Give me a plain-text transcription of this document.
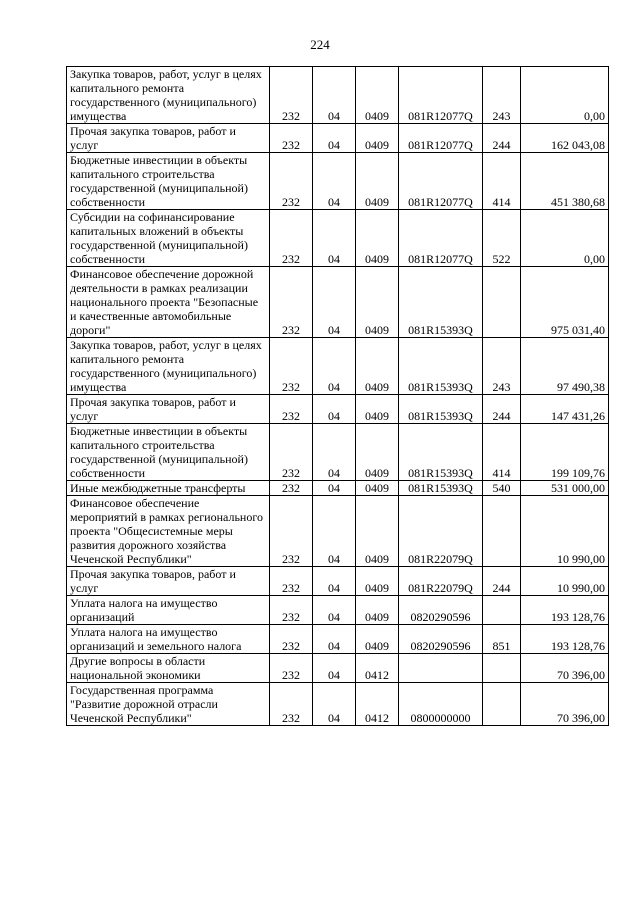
224
Закупка товаров, работ, услуг в целях капитального ремонта государственного (муниципального) имущества	232	04	0409	081R12077Q	243	0,00
Прочая закупка товаров, работ и услуг	232	04	0409	081R12077Q	244	162 043,08
Бюджетные инвестиции в объекты капитального строительства государственной (муниципальной) собственности	232	04	0409	081R12077Q	414	451 380,68
Субсидии на софинансирование капитальных вложений в объекты государственной (муниципальной) собственности	232	04	0409	081R12077Q	522	0,00
Финансовое обеспечение дорожной деятельности в рамках реализации национального проекта "Безопасные и качественные автомобильные дороги"	232	04	0409	081R15393Q		975 031,40
Закупка товаров, работ, услуг в целях капитального ремонта государственного (муниципального) имущества	232	04	0409	081R15393Q	243	97 490,38
Прочая закупка товаров, работ и услуг	232	04	0409	081R15393Q	244	147 431,26
Бюджетные инвестиции в объекты капитального строительства государственной (муниципальной) собственности	232	04	0409	081R15393Q	414	199 109,76
Иные межбюджетные трансферты	232	04	0409	081R15393Q	540	531 000,00
Финансовое обеспечение мероприятий в рамках регионального проекта "Общесистемные меры развития дорожного хозяйства Чеченской Республики"	232	04	0409	081R22079Q		10 990,00
Прочая закупка товаров, работ и услуг	232	04	0409	081R22079Q	244	10 990,00
Уплата налога на имущество организаций	232	04	0409	0820290596		193 128,76
Уплата налога на имущество организаций и земельного налога	232	04	0409	0820290596	851	193 128,76
Другие вопросы в области национальной экономики	232	04	0412			70 396,00
Государственная программа "Развитие дорожной отрасли Чеченской Республики"	232	04	0412	0800000000		70 396,00
